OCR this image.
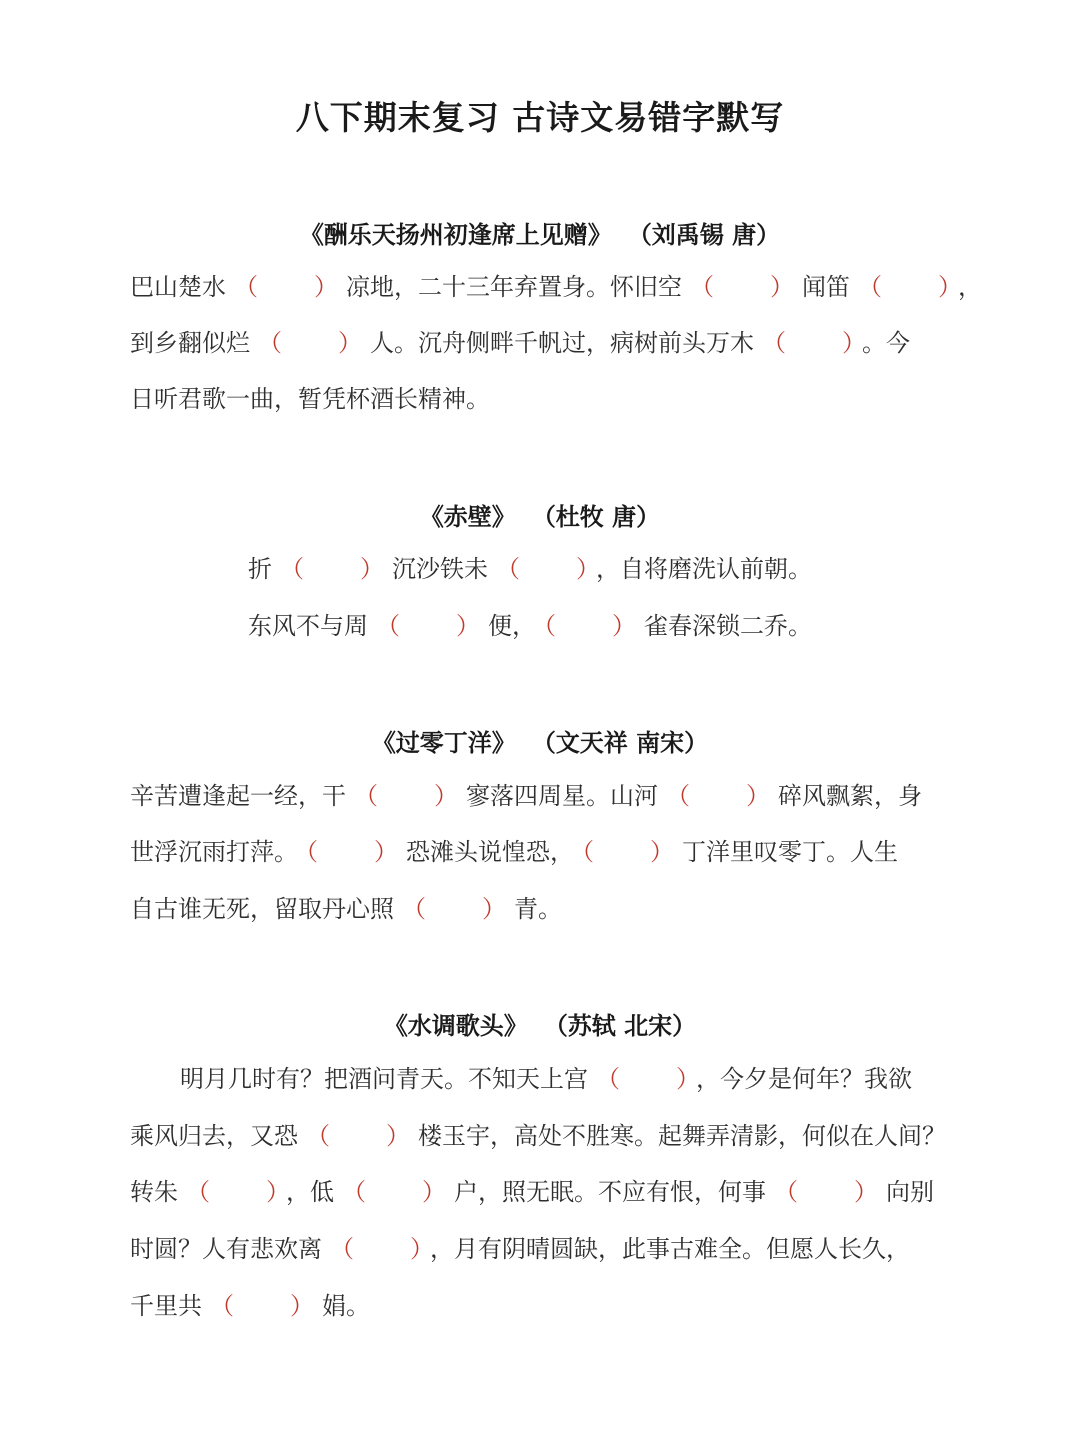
八下期末复习 古诗文易错字默写
《酬乐天扬州初逢席上见赠》 （刘禹锡 唐）
巴山楚水 （ ） 凉地，二十三年弃置身。怀旧空 （ ） 闻笛 （ ） ，
到乡翻似烂 （ ） 人。沉舟侧畔千帆过，病树前头万木 （ ） 。今
日听君歌一曲，暂凭杯酒长精神。
《赤壁》 （杜牧 唐）
折 （ ） 沉沙铁未 （ ） ，自将磨洗认前朝。
东风不与周 （ ） 便， （ ） 雀春深锁二乔。
《过零丁洋》 （文天祥 南宋）
辛苦遭逢起一经，干 （ ） 寥落四周星。山河 （ ） 碎风飘絮，身
世浮沉雨打萍。 （ ） 恐滩头说惶恐， （ ） 丁洋里叹零丁。人生
自古谁无死，留取丹心照 （ ） 青。
《水调歌头》 （苏轼 北宋）
明月几时有？把酒问青天。不知天上宫 （ ） ，今夕是何年？我欲
乘风归去，又恐 （ ） 楼玉宇，高处不胜寒。起舞弄清影，何似在人间？
转朱 （ ） ，低 （ ） 户，照无眠。不应有恨，何事 （ ） 向别
时圆？人有悲欢离 （ ） ，月有阴晴圆缺，此事古难全。但愿人长久，
千里共 （ ） 娟。
